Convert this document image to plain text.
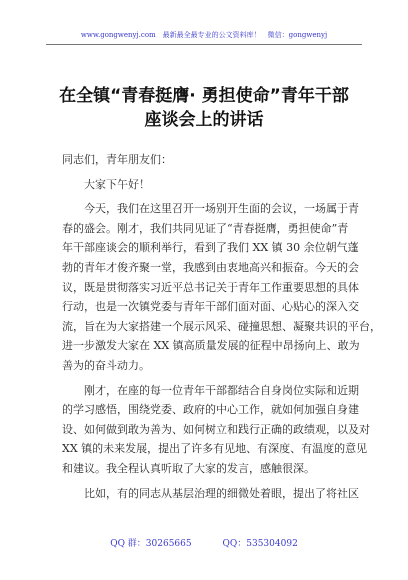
www.gongwenyj.com　最新最全最专业的公文资料库！　微信：gongwenyj
在全镇“青春挺膺· 勇担使命”青年干部
座谈会上的讲话
同志们，青年朋友们：
　　大家下午好！
　　今天，我们在这里召开一场别开生面的会议，一场属于青
春的盛会。刚才，我们共同见证了“青春挺膺，勇担使命”青
年干部座谈会的顺利举行，看到了我们 XX 镇 30 余位朝气蓬
勃的青年才俊齐聚一堂，我感到由衷地高兴和振奋。今天的会
议，既是贯彻落实习近平总书记关于青年工作重要思想的具体
行动，也是一次镇党委与青年干部们面对面、心贴心的深入交
流，旨在为大家搭建一个展示风采、碰撞思想、凝聚共识的平台，
进一步激发大家在 XX 镇高质量发展的征程中昂扬向上、敢为
善为的奋斗动力。
　　刚才，在座的每一位青年干部都结合自身岗位实际和近期
的学习感悟，围绕党委、政府的中心工作，就如何加强自身建
设、如何做到敢为善为、如何树立和践行正确的政绩观，以及对
XX 镇的未来发展，提出了许多有见地、有深度、有温度的意见
和建议。我全程认真听取了大家的发言，感触很深。
　　比如，有的同志从基层治理的细微处着眼，提出了将社区
QQ 群：30265665	QQ：535304092
